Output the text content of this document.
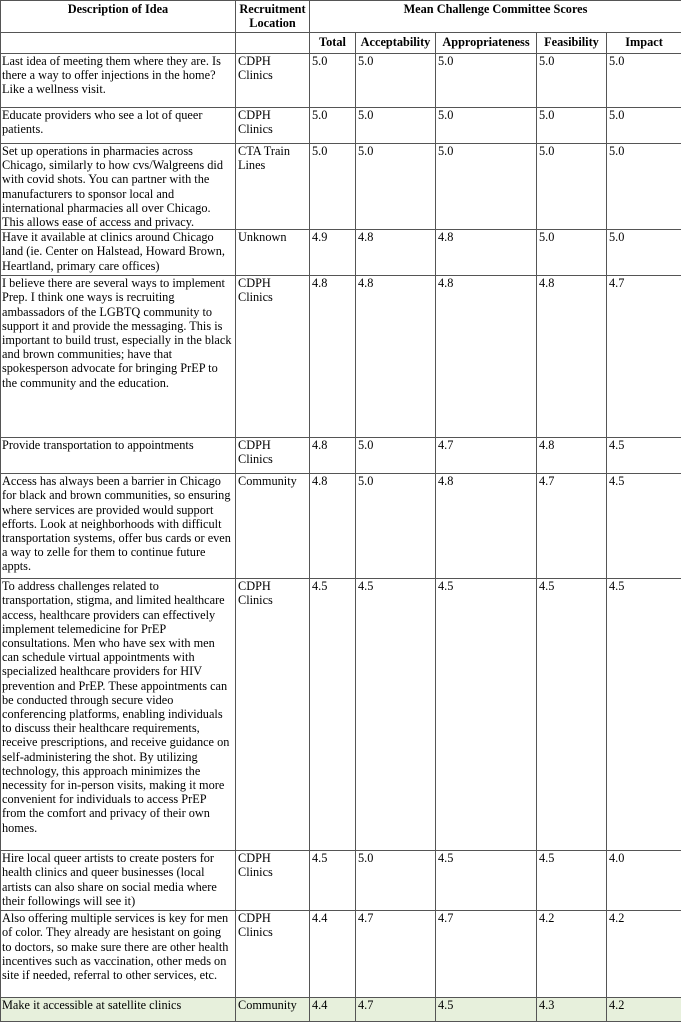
Description of Idea	Recruitment Location	Mean Challenge Committee Scores				
		Total	Acceptability	Appropriateness	Feasibility	Impact
Last idea of meeting them where they are. Is there a way to offer injections in the home? Like a wellness visit.	CDPH Clinics	5.0	5.0	5.0	5.0	5.0
Educate providers who see a lot of queer patients.	CDPH Clinics	5.0	5.0	5.0	5.0	5.0
Set up operations in pharmacies across Chicago, similarly to how cvs/Walgreens did with covid shots. You can partner with the manufacturers to sponsor local and international pharmacies all over Chicago. This allows ease of access and privacy.	CTA Train Lines	5.0	5.0	5.0	5.0	5.0
Have it available at clinics around Chicago land (ie. Center on Halstead, Howard Brown, Heartland, primary care offices)	Unknown	4.9	4.8	4.8	5.0	5.0
I believe there are several ways to implement Prep. I think one ways is recruiting ambassadors of the LGBTQ community to support it and provide the messaging. This is important to build trust, especially in the black and brown communities; have that spokesperson advocate for bringing PrEP to the community and the education.	CDPH Clinics	4.8	4.8	4.8	4.8	4.7
Provide transportation to appointments	CDPH Clinics	4.8	5.0	4.7	4.8	4.5
Access has always been a barrier in Chicago for black and brown communities, so ensuring where services are provided would support efforts. Look at neighborhoods with difficult transportation systems, offer bus cards or even a way to zelle for them to continue future appts.	Community	4.8	5.0	4.8	4.7	4.5
To address challenges related to transportation, stigma, and limited healthcare access, healthcare providers can effectively implement telemedicine for PrEP consultations. Men who have sex with men can schedule virtual appointments with specialized healthcare providers for HIV prevention and PrEP. These appointments can be conducted through secure video conferencing platforms, enabling individuals to discuss their healthcare requirements, receive prescriptions, and receive guidance on self-administering the shot. By utilizing technology, this approach minimizes the necessity for in-person visits, making it more convenient for individuals to access PrEP from the comfort and privacy of their own homes.	CDPH Clinics	4.5	4.5	4.5	4.5	4.5
Hire local queer artists to create posters for health clinics and queer businesses (local artists can also share on social media where their followings will see it)	CDPH Clinics	4.5	5.0	4.5	4.5	4.0
Also offering multiple services is key for men of color. They already are hesistant on going to doctors, so make sure there are other health incentives such as vaccination, other meds on site if needed, referral to other services, etc.	CDPH Clinics	4.4	4.7	4.7	4.2	4.2
Make it accessible at satellite clinics	Community	4.4	4.7	4.5	4.3	4.2
